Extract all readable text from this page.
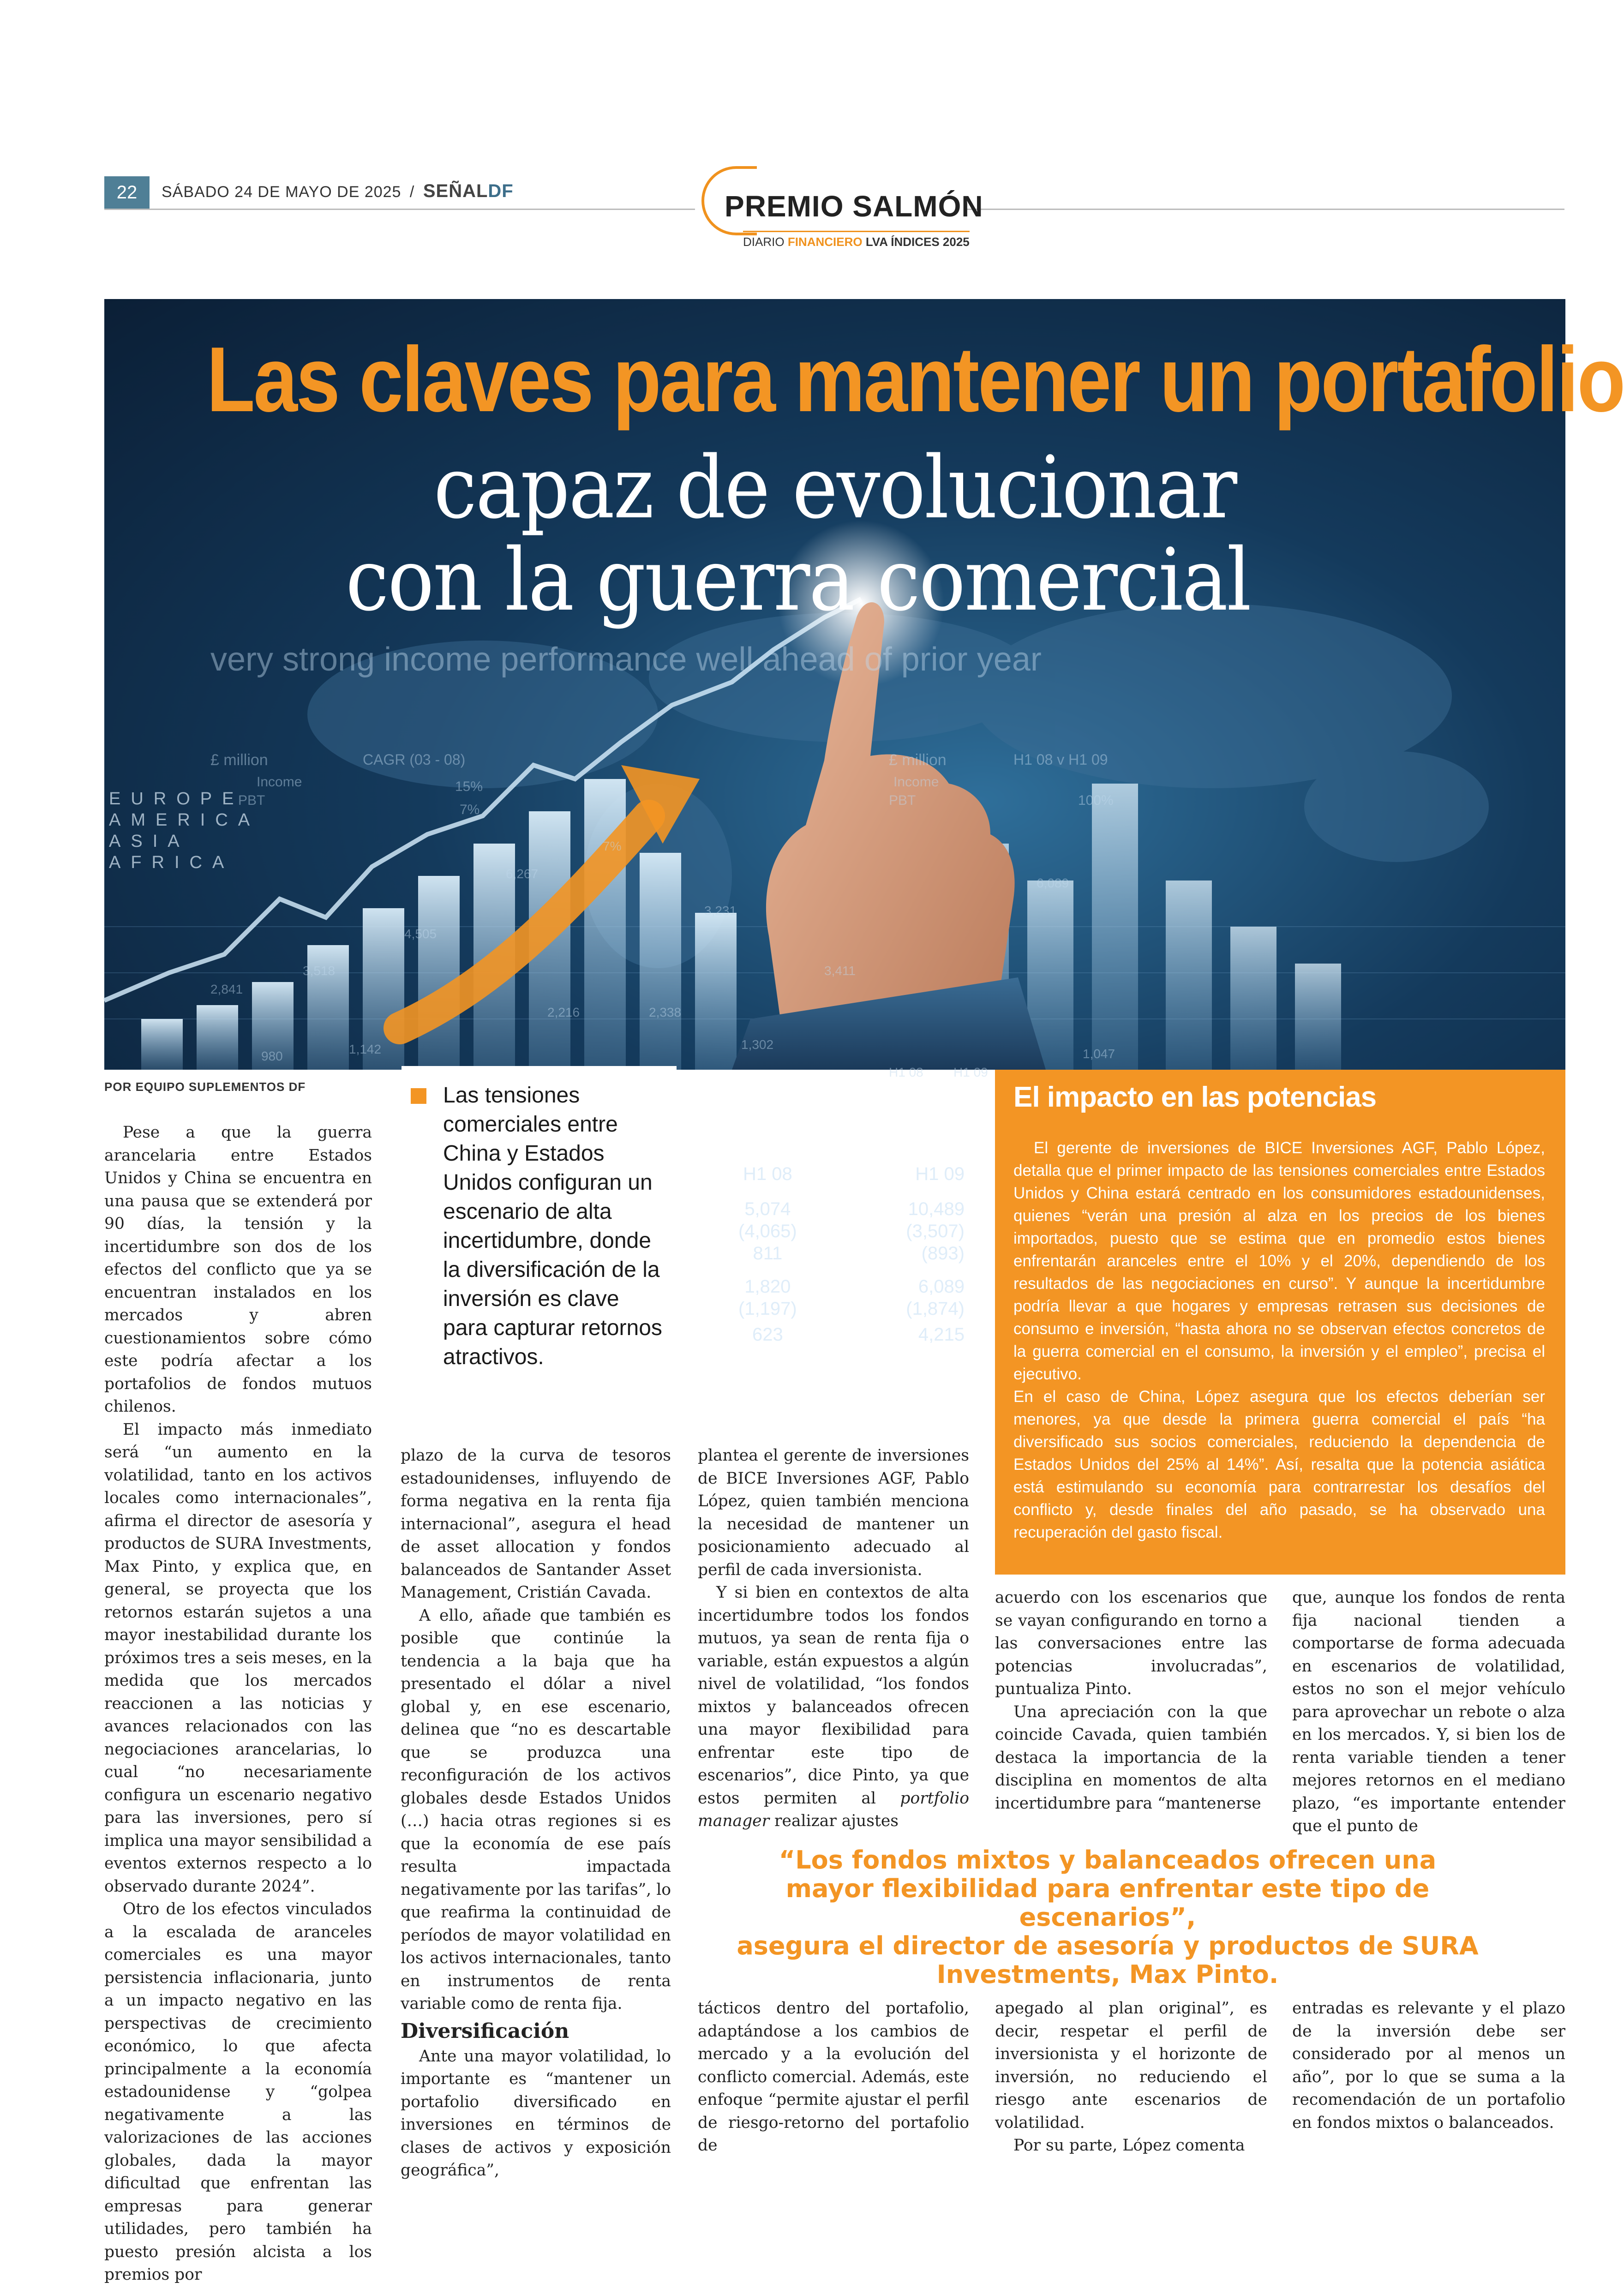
22	SÁBADO 24 DE MAYO DE 2025 / SEÑALDF	PREMIO SALMÓN
DIARIO FINANCIERO LVA ÍNDICES 2025
Las claves para mantener un portafolio
capaz de evolucionar
con la guerra comercial
very strong income performance well ahead of prior year
EUROPE
AMERICA
ASIA
AFRICA
£ million
Income
PBT
CAGR (03 - 08)
15%
7%
7%
6,267
4,505
3,518
2,841
1,142
980
2,216	2,338
3,231
3,411
1,302
£ million
Income
PBT
H1 08 v H1 09
100%
6,089
1,047
H1 08 H1 09
H1 08
5,074
(4,065)
811
1,820
(1,197)
623
H1 09
10,489
(3,507)
(893)
6,089
(1,874)
4,215
POR EQUIPO SUPLEMENTOS DF	Las tensiones comerciales entre China y Estados Unidos configuran un escenario de alta incertidumbre, donde la diversificación de la inversión es clave para capturar retornos atractivos.

Pese a que la guerra arancelaria entre Estados Unidos y China se encuentra en una pausa que se extenderá por 90 días, la tensión y la incertidumbre son dos de los efectos del conflicto que ya se encuentran instalados en los mercados y abren cuestionamientos sobre cómo este podría afectar a los portafolios de fondos mutuos chilenos.

El impacto más inmediato será “un aumento en la volatilidad, tanto en los activos locales como internacionales”, afirma el director de asesoría y productos de SURA Investments, Max Pinto, y explica que, en general, se proyecta que los retornos estarán sujetos a una mayor inestabilidad durante los próximos tres a seis meses, en la medida que los mercados reaccionen a las noticias y avances relacionados con las negociaciones arancelarias, lo cual “no necesariamente configura un escenario negativo para las inversiones, pero sí implica una mayor sensibilidad a eventos externos respecto a lo observado durante 2024”.

Otro de los efectos vinculados a la escalada de aranceles comerciales es una mayor persistencia inflacionaria, junto a un impacto negativo en las perspectivas de crecimiento económico, lo que afecta principalmente a la economía estadounidense y “golpea negativamente a las valorizaciones de las acciones globales, dada la mayor dificultad que enfrentan las empresas para generar utilidades, pero también ha puesto presión alcista a los premios por

plazo de la curva de tesoros estadounidenses, influyendo de forma negativa en la renta fija internacional”, asegura el head de asset allocation y fondos balanceados de Santander Asset Management, Cristián Cavada.

A ello, añade que también es posible que continúe la tendencia a la baja que ha presentado el dólar a nivel global y, en ese escenario, delinea que “no es descartable que se produzca una reconfiguración de los activos globales desde Estados Unidos (…) hacia otras regiones si es que la economía de ese país resulta impactada negativamente por las tarifas”, lo que reafirma la continuidad de períodos de mayor volatilidad en los activos internacionales, tanto en instrumentos de renta variable como de renta fija.

Diversificación

Ante una mayor volatilidad, lo importante es “mantener un portafolio diversificado en inversiones en términos de clases de activos y exposición geográfica”,

plantea el gerente de inversiones de BICE Inversiones AGF, Pablo López, quien también menciona la necesidad de mantener un posicionamiento adecuado al perfil de cada inversionista.

Y si bien en contextos de alta incertidumbre todos los fondos mutuos, ya sean de renta fija o variable, están expuestos a algún nivel de volatilidad, “los fondos mixtos y balanceados ofrecen una mayor flexibilidad para enfrentar este tipo de escenarios”, dice Pinto, ya que estos permiten al portfolio manager realizar ajustes

tácticos dentro del portafolio, adaptándose a los cambios de mercado y a la evolución del conflicto comercial. Además, este enfoque “permite ajustar el perfil de riesgo-retorno del portafolio de

acuerdo con los escenarios que se vayan configurando en torno a las conversaciones entre las potencias involucradas”, puntualiza Pinto.

Una apreciación con la que coincide Cavada, quien también destaca la importancia de la disciplina en momentos de alta incertidumbre para “mantenerse

apegado al plan original”, es decir, respetar el perfil de inversionista y el horizonte de inversión, no reduciendo el riesgo ante escenarios de volatilidad.

Por su parte, López comenta

que, aunque los fondos de renta fija nacional tienden a comportarse de forma adecuada en escenarios de volatilidad, estos no son el mejor vehículo para aprovechar un rebote o alza en los mercados. Y, si bien los de renta variable tienden a tener mejores retornos en el mediano plazo, “es importante entender que el punto de

entradas es relevante y el plazo de la inversión debe ser considerado por al menos un año”, por lo que se suma a la recomendación de un portafolio en fondos mixtos o balanceados.

El impacto en las potencias

El gerente de inversiones de BICE Inversiones AGF, Pablo López, detalla que el primer impacto de las tensiones comerciales entre Estados Unidos y China estará centrado en los consumidores estadounidenses, quienes “verán una presión al alza en los precios de los bienes importados, puesto que se estima que en promedio estos bienes enfrentarán aranceles entre el 10% y el 20%, dependiendo de los resultados de las negociaciones en curso”. Y aunque la incertidumbre podría llevar a que hogares y empresas retrasen sus decisiones de consumo e inversión, “hasta ahora no se observan efectos concretos de la guerra comercial en el consumo, la inversión y el empleo”, precisa el ejecutivo.

En el caso de China, López asegura que los efectos deberían ser menores, ya que desde la primera guerra comercial el país “ha diversificado sus socios comerciales, reduciendo la dependencia de Estados Unidos del 25% al 14%”. Así, resalta que la potencia asiática está estimulando su economía para contrarrestar los desafíos del conflicto y, desde finales del año pasado, se ha observado una recuperación del gasto fiscal.

“Los fondos mixtos y balanceados ofrecen una
mayor flexibilidad para enfrentar este tipo de escenarios”,
asegura el director de asesoría y productos de SURA
Investments, Max Pinto.
